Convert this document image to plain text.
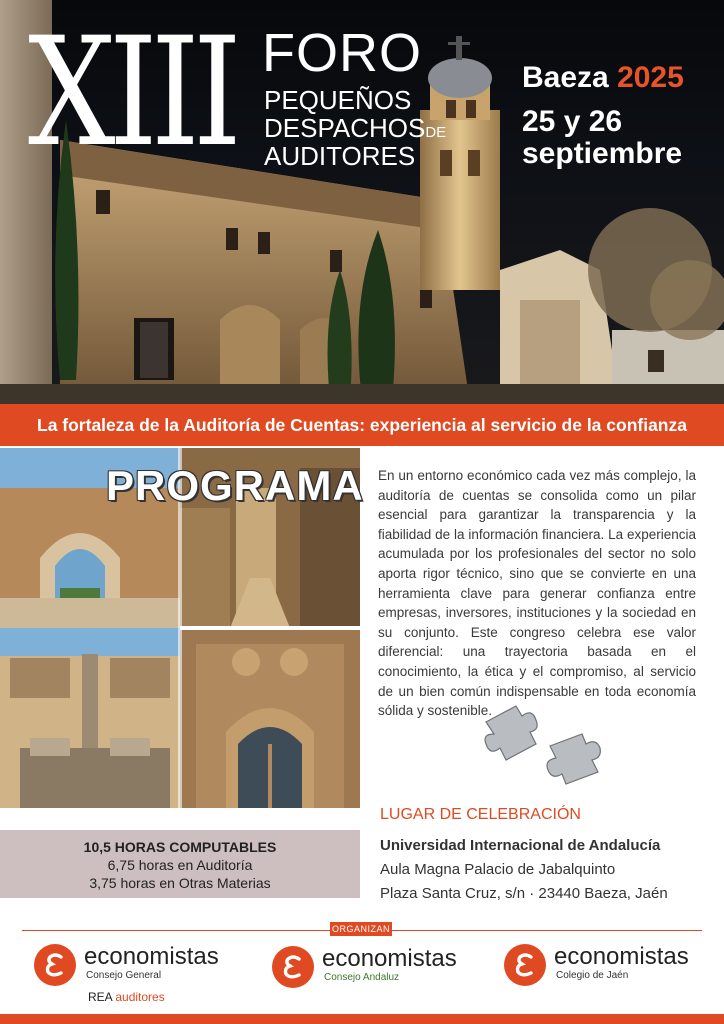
XIII FORO
PEQUEÑOS
DESPACHOSDE
AUDITORES
Baeza 2025
25 y 26
septiembre
La fortaleza de la Auditoría de Cuentas: experiencia al servicio de la confianza
PROGRAMA En un entorno económico cada vez más complejo, la auditoría de cuentas se consolida como un pilar esencial para garantizar la transparencia y la fiabilidad de la información financiera. La experiencia acumulada por los profesionales del sector no solo aporta rigor técnico, sino que se convierte en una herramienta clave para generar confianza entre empresas, inversores, instituciones y la sociedad en su conjunto. Este congreso celebra ese valor diferencial: una trayectoria basada en el conocimiento, la ética y el compromiso, al servicio de un bien común indispensable en toda economía sólida y sostenible.

LUGAR DE CELEBRACIÓN
Universidad Internacional de Andalucía
Aula Magna Palacio de Jabalquinto
Plaza Santa Cruz, s/n · 23440 Baeza, Jaén
10,5 HORAS COMPUTABLES
6,75 horas en Auditoría
3,75 horas en Otras Materias
ORGANIZAN
economistas
Consejo General
REA auditores
economistas
Consejo Andaluz
economistas
Colegio de Jaén
